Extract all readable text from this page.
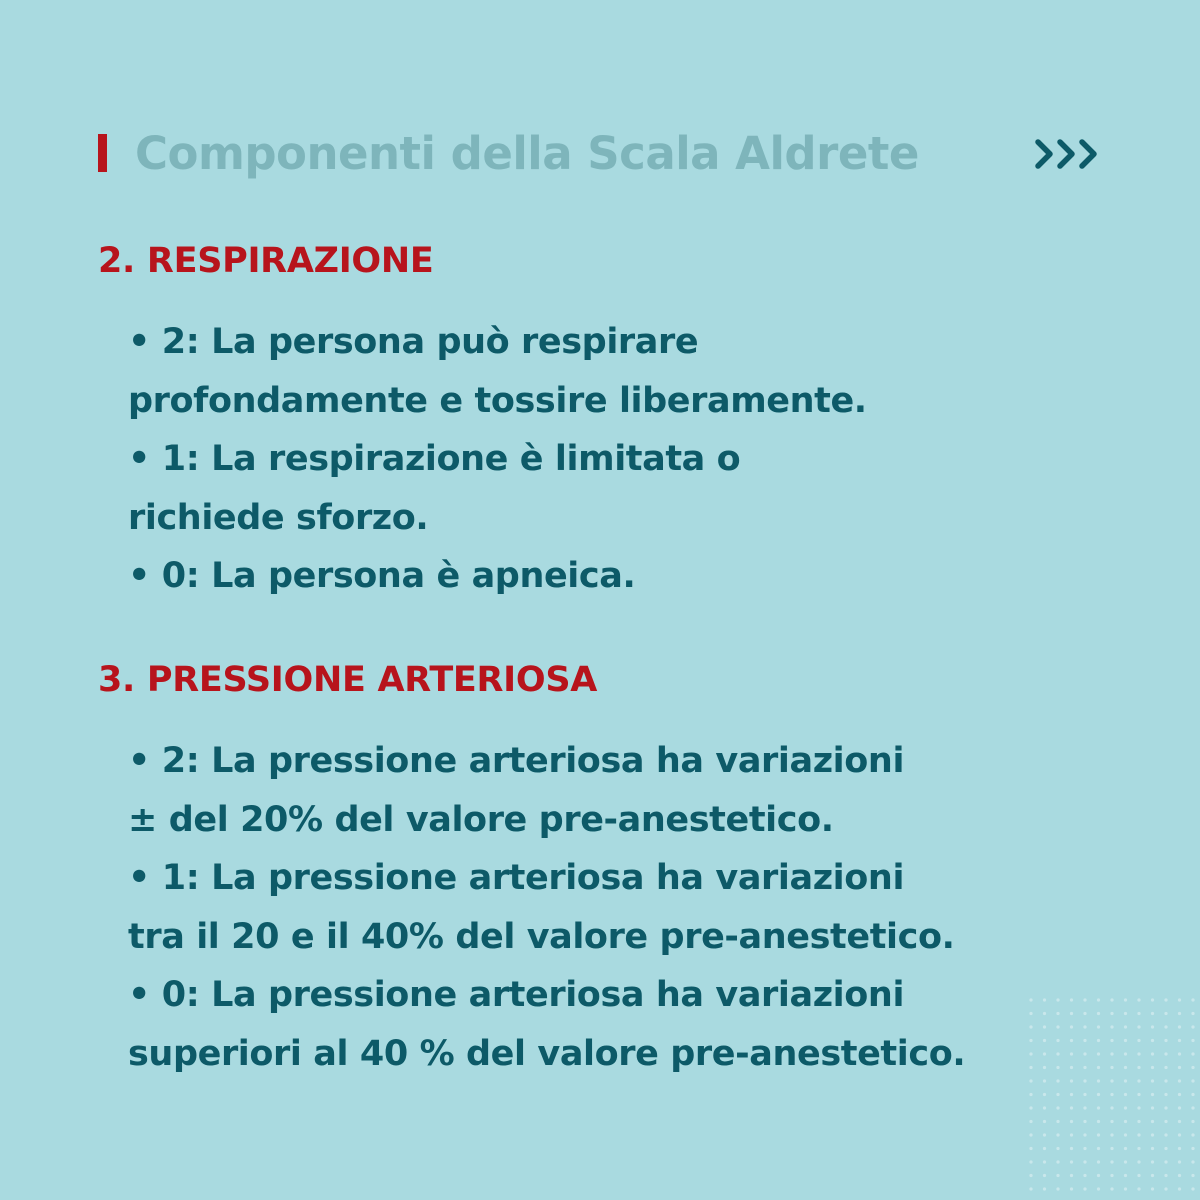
Componenti della Scala Aldrete
2. RESPIRAZIONE
• 2: La persona può respirare
profondamente e tossire liberamente.
• 1: La respirazione è limitata o
richiede sforzo.
• 0: La persona è apneica.
3. PRESSIONE ARTERIOSA
• 2: La pressione arteriosa ha variazioni
± del 20% del valore pre-anestetico.
• 1: La pressione arteriosa ha variazioni
tra il 20 e il 40% del valore pre-anestetico.
• 0: La pressione arteriosa ha variazioni
superiori al 40 % del valore pre-anestetico.
